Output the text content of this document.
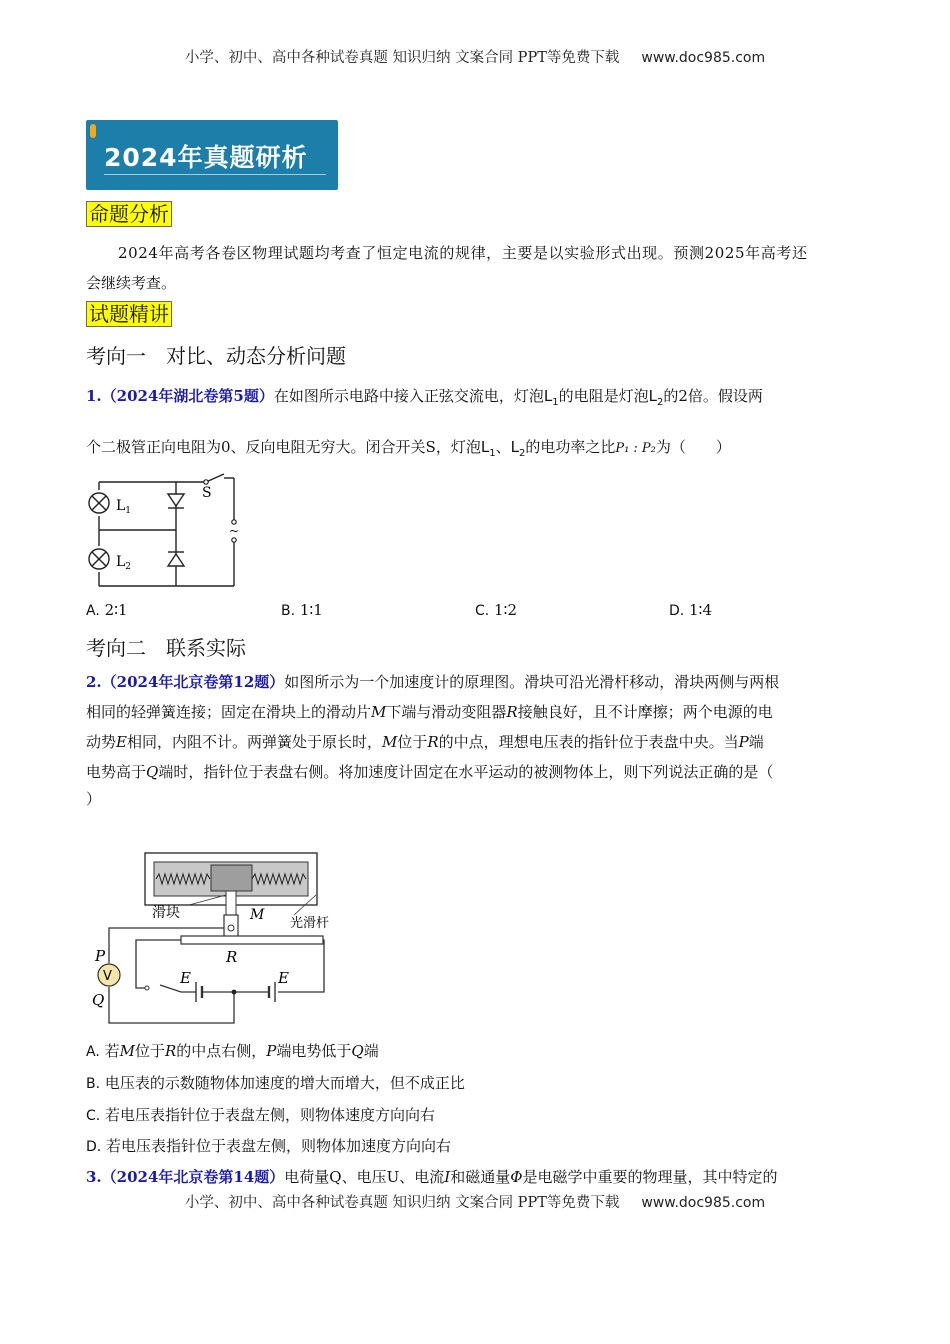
小学、初中、高中各种试卷真题 知识归纳 文案合同 PPT等免费下载 www.doc985.com
2024年真题研析
命题分析
2024年高考各卷区物理试题均考查了恒定电流的规律，主要是以实验形式出现。预测2025年高考还
会继续考查。
试题精讲
考向一 对比、动态分析问题
1.（2024年湖北卷第5题）在如图所示电路中接入正弦交流电，灯泡$L_1$的电阻是灯泡$L_2$的2倍。假设两
个二极管正向电阻为0、反向电阻无穷大。闭合开关S，灯泡$L_1$、$L_2$的电功率之比P₁ : P₂为（　　）
$L_1$
$L_2$
S
~
A. 2∶1	B. 1∶1	C. 1∶2	D. 1∶4
考向二 联系实际
2.（2024年北京卷第12题）如图所示为一个加速度计的原理图。滑块可沿光滑杆移动，滑块两侧与两根
相同的轻弹簧连接；固定在滑块上的滑动片M下端与滑动变阻器R接触良好，且不计摩擦；两个电源的电
动势E相同，内阻不计。两弹簧处于原长时，M位于R的中点，理想电压表的指针位于表盘中央。当P端
电势高于Q端时，指针位于表盘右侧。将加速度计固定在水平运动的被测物体上，则下列说法正确的是（
）
V
滑块	M
光滑杆
R
P
Q
E	E
A. 若M位于R的中点右侧，P端电势低于Q端
B. 电压表的示数随物体加速度的增大而增大，但不成正比
C. 若电压表指针位于表盘左侧，则物体速度方向向右
D. 若电压表指针位于表盘左侧，则物体加速度方向向右
3.（2024年北京卷第14题）电荷量Q、电压U、电流I和磁通量Φ是电磁学中重要的物理量，其中特定的
小学、初中、高中各种试卷真题 知识归纳 文案合同 PPT等免费下载 www.doc985.com
